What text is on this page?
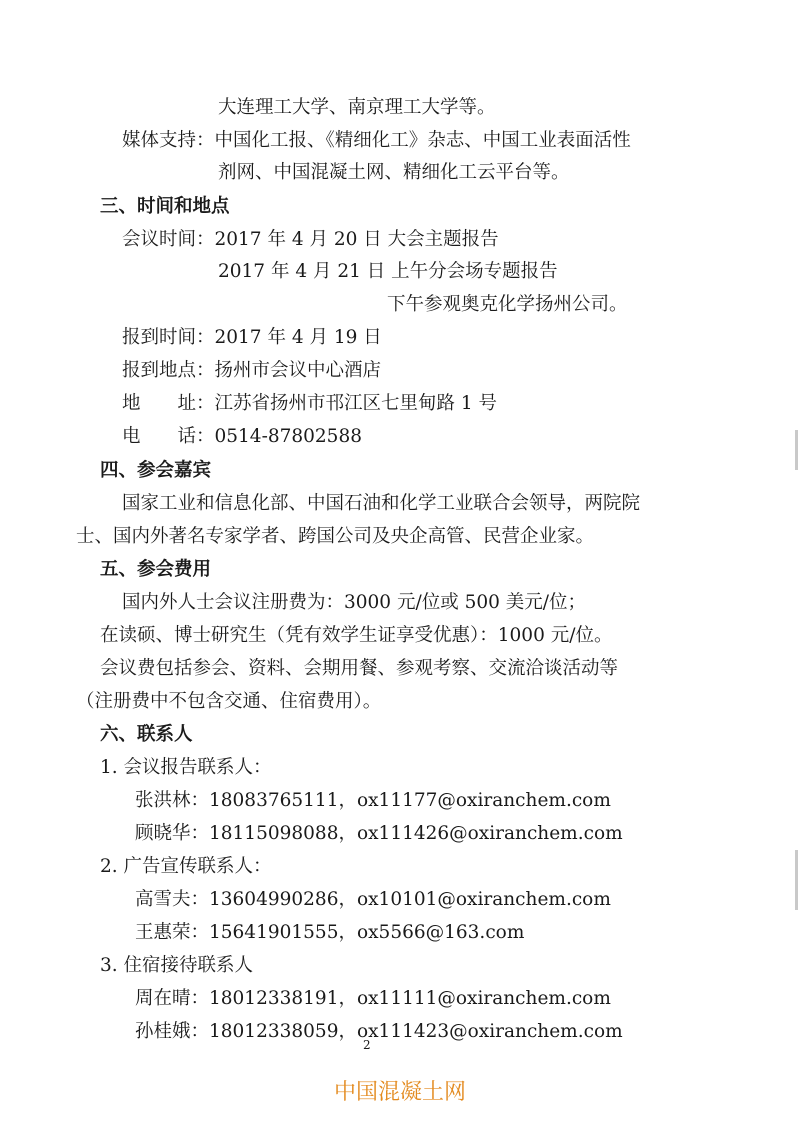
大连理工大学、南京理工大学等。
媒体支持：中国化工报、《精细化工》杂志、中国工业表面活性
剂网、中国混凝土网、精细化工云平台等。
三、时间和地点
会议时间：2017 年 4 月 20 日 大会主题报告
2017 年 4 月 21 日 上午分会场专题报告
下午参观奥克化学扬州公司。
报到时间：2017 年 4 月 19 日
报到地点：扬州市会议中心酒店
地　　址：江苏省扬州市邗江区七里甸路 1 号
电　　话：0514-87802588
四、参会嘉宾
国家工业和信息化部、中国石油和化学工业联合会领导，两院院
士、国内外著名专家学者、跨国公司及央企高管、民营企业家。
五、参会费用
国内外人士会议注册费为：3000 元/位或 500 美元/位；
在读硕、博士研究生（凭有效学生证享受优惠）：1000 元/位。
会议费包括参会、资料、会期用餐、参观考察、交流洽谈活动等
（注册费中不包含交通、住宿费用）。
六、联系人
1. 会议报告联系人：
张洪林：18083765111，ox11177@oxiranchem.com
顾晓华：18115098088，ox111426@oxiranchem.com
2. 广告宣传联系人：
高雪夫：13604990286，ox10101@oxiranchem.com
王惠荣：15641901555，ox5566@163.com
3. 住宿接待联系人
周在晴：18012338191，ox11111@oxiranchem.com
孙桂娥：18012338059，ox111423@oxiranchem.com
2
中国混凝土网
